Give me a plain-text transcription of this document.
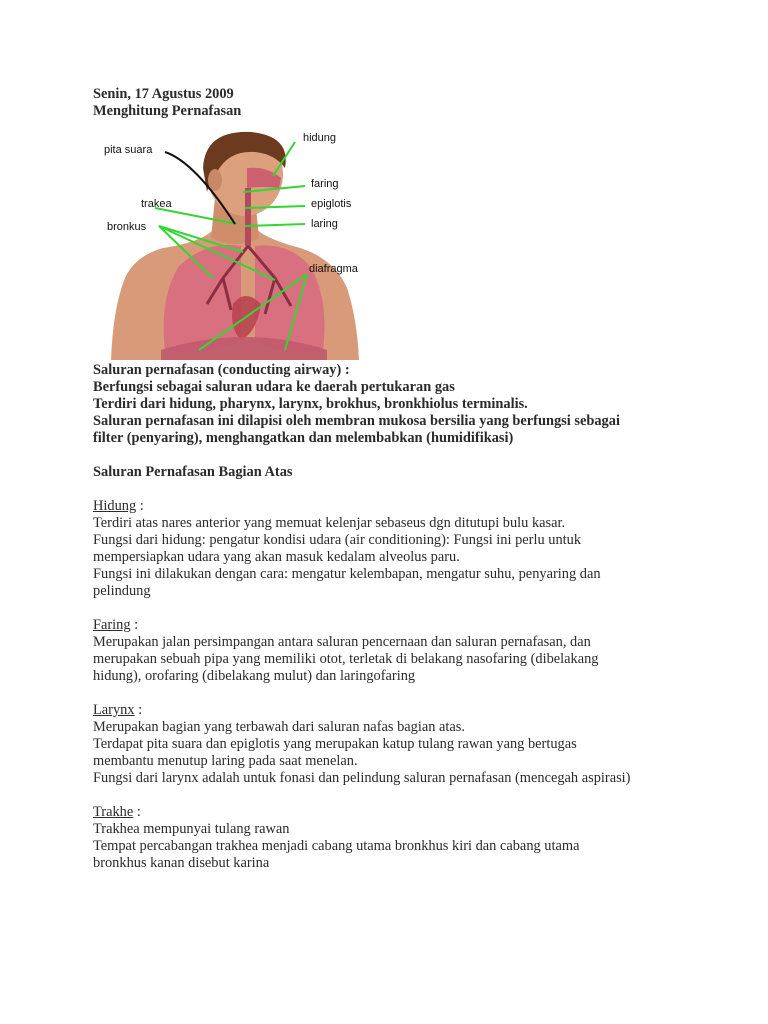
Senin, 17 Agustus 2009
Menghitung Pernafasan
pita suara
trakea
bronkus
hidung
faring
epiglotis
laring
diafragma
Saluran pernafasan (conducting airway) :
Berfungsi sebagai saluran udara ke daerah pertukaran gas
Terdiri dari hidung, pharynx, larynx, brokhus, bronkhiolus terminalis.
Saluran pernafasan ini dilapisi oleh membran mukosa bersilia yang berfungsi sebagai
filter (penyaring), menghangatkan dan melembabkan (humidifikasi)
Saluran Pernafasan Bagian Atas
Hidung :
Terdiri atas nares anterior yang memuat kelenjar sebaseus dgn ditutupi bulu kasar.
Fungsi dari hidung: pengatur kondisi udara (air conditioning): Fungsi ini perlu untuk
mempersiapkan udara yang akan masuk kedalam alveolus paru.
Fungsi ini dilakukan dengan cara: mengatur kelembapan, mengatur suhu, penyaring dan
pelindung
Faring :
Merupakan jalan persimpangan antara saluran pencernaan dan saluran pernafasan, dan
merupakan sebuah pipa yang memiliki otot, terletak di belakang nasofaring (dibelakang
hidung), orofaring (dibelakang mulut) dan laringofaring
Larynx :
Merupakan bagian yang terbawah dari saluran nafas bagian atas.
Terdapat pita suara dan epiglotis yang merupakan katup tulang rawan yang bertugas
membantu menutup laring pada saat menelan.
Fungsi dari larynx adalah untuk fonasi dan pelindung saluran pernafasan (mencegah aspirasi)
Trakhe :
Trakhea mempunyai tulang rawan
Tempat percabangan trakhea menjadi cabang utama bronkhus kiri dan cabang utama
bronkhus kanan disebut karina
